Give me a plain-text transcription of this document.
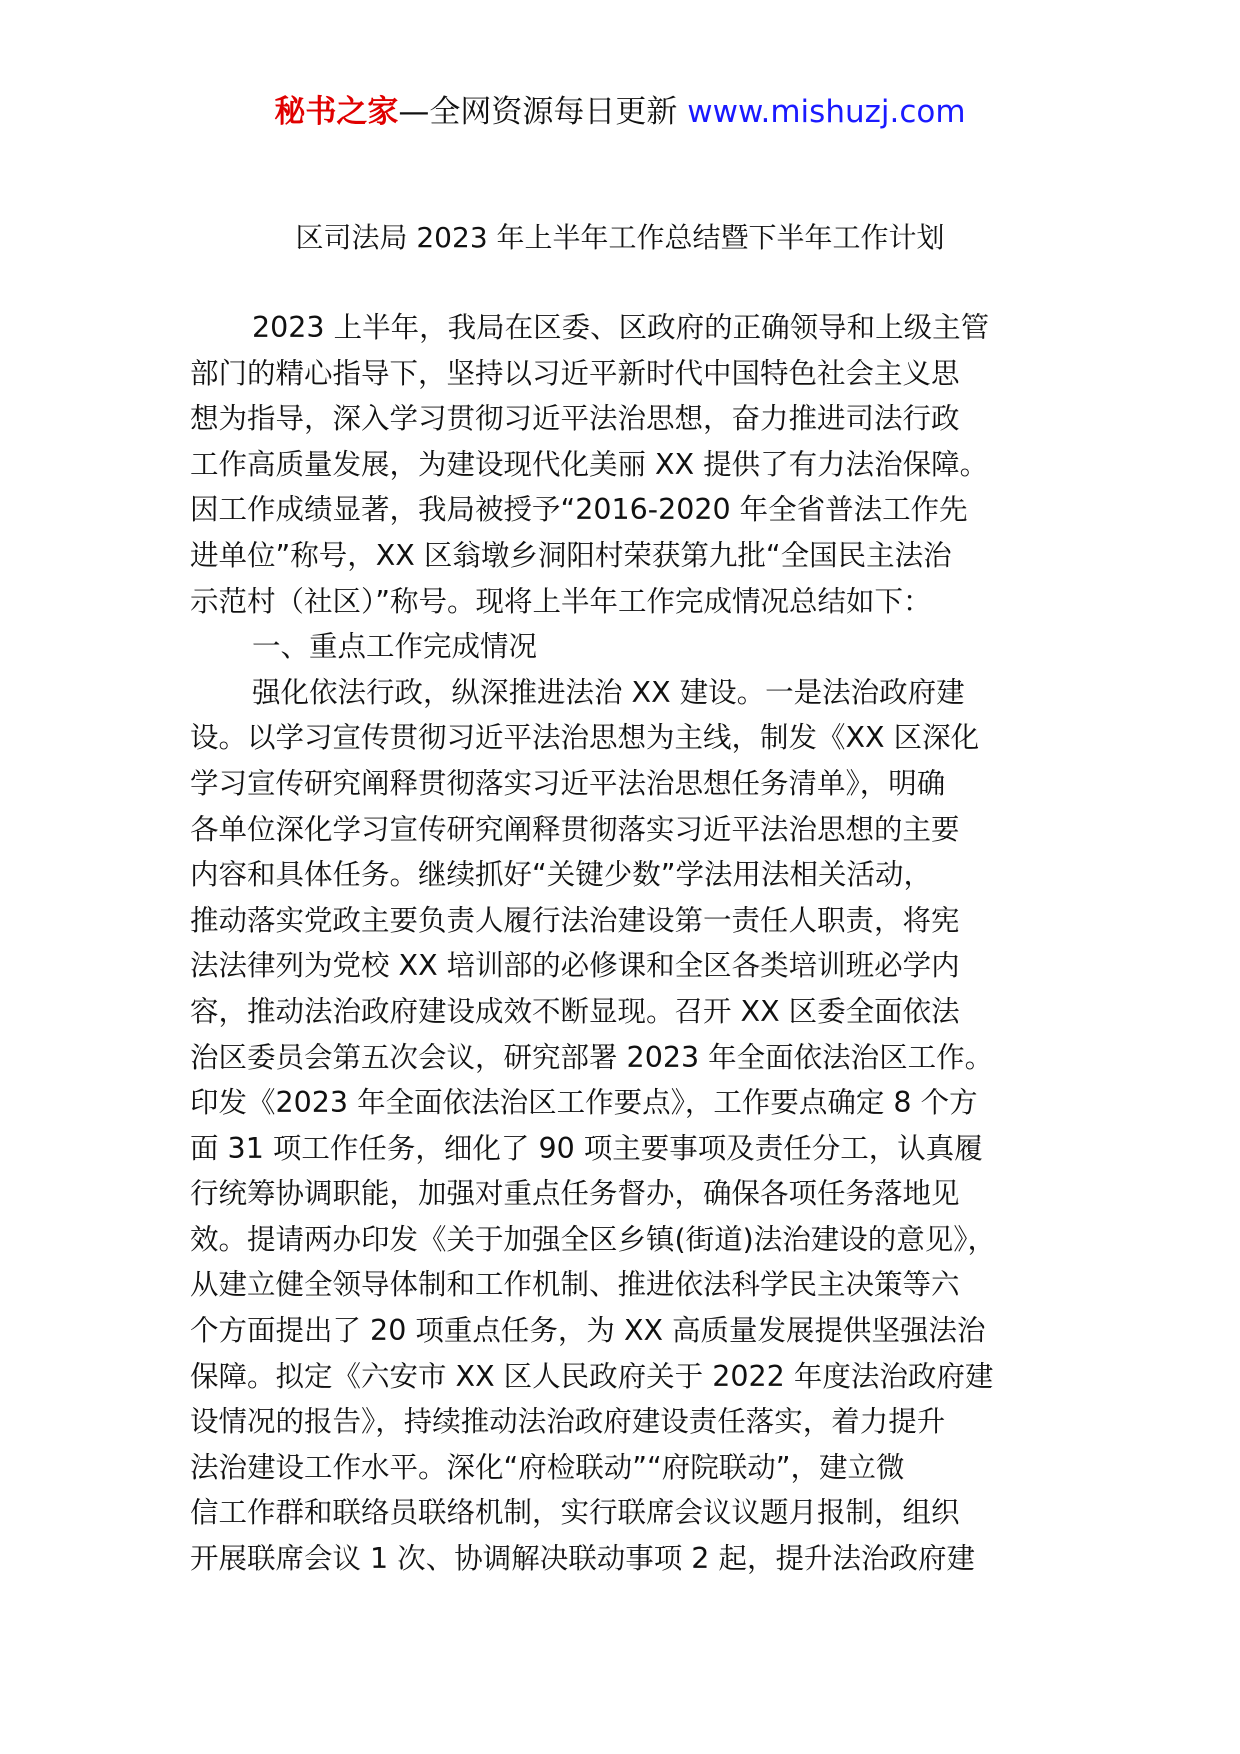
秘书之家—全网资源每日更新 www.mishuzj.com
区司法局 2023 年上半年工作总结暨下半年工作计划
2023 上半年，我局在区委、区政府的正确领导和上级主管
部门的精心指导下，坚持以习近平新时代中国特色社会主义思
想为指导，深入学习贯彻习近平法治思想，奋力推进司法行政
工作高质量发展，为建设现代化美丽 XX 提供了有力法治保障。
因工作成绩显著，我局被授予“2016-2020 年全省普法工作先
进单位”称号，XX 区翁墩乡洞阳村荣获第九批“全国民主法治
示范村（社区）”称号。现将上半年工作完成情况总结如下：
一、重点工作完成情况
强化依法行政，纵深推进法治 XX 建设。一是法治政府建
设。以学习宣传贯彻习近平法治思想为主线，制发《XX 区深化
学习宣传研究阐释贯彻落实习近平法治思想任务清单》，明确
各单位深化学习宣传研究阐释贯彻落实习近平法治思想的主要
内容和具体任务。继续抓好“关键少数”学法用法相关活动，
推动落实党政主要负责人履行法治建设第一责任人职责，将宪
法法律列为党校 XX 培训部的必修课和全区各类培训班必学内
容，推动法治政府建设成效不断显现。召开 XX 区委全面依法
治区委员会第五次会议，研究部署 2023 年全面依法治区工作。
印发《2023 年全面依法治区工作要点》，工作要点确定 8 个方
面 31 项工作任务，细化了 90 项主要事项及责任分工，认真履
行统筹协调职能，加强对重点任务督办，确保各项任务落地见
效。提请两办印发《关于加强全区乡镇(街道)法治建设的意见》，
从建立健全领导体制和工作机制、推进依法科学民主决策等六
个方面提出了 20 项重点任务，为 XX 高质量发展提供坚强法治
保障。拟定《六安市 XX 区人民政府关于 2022 年度法治政府建
设情况的报告》，持续推动法治政府建设责任落实，着力提升
法治建设工作水平。深化“府检联动”“府院联动”，建立微
信工作群和联络员联络机制，实行联席会议议题月报制，组织
开展联席会议 1 次、协调解决联动事项 2 起，提升法治政府建
